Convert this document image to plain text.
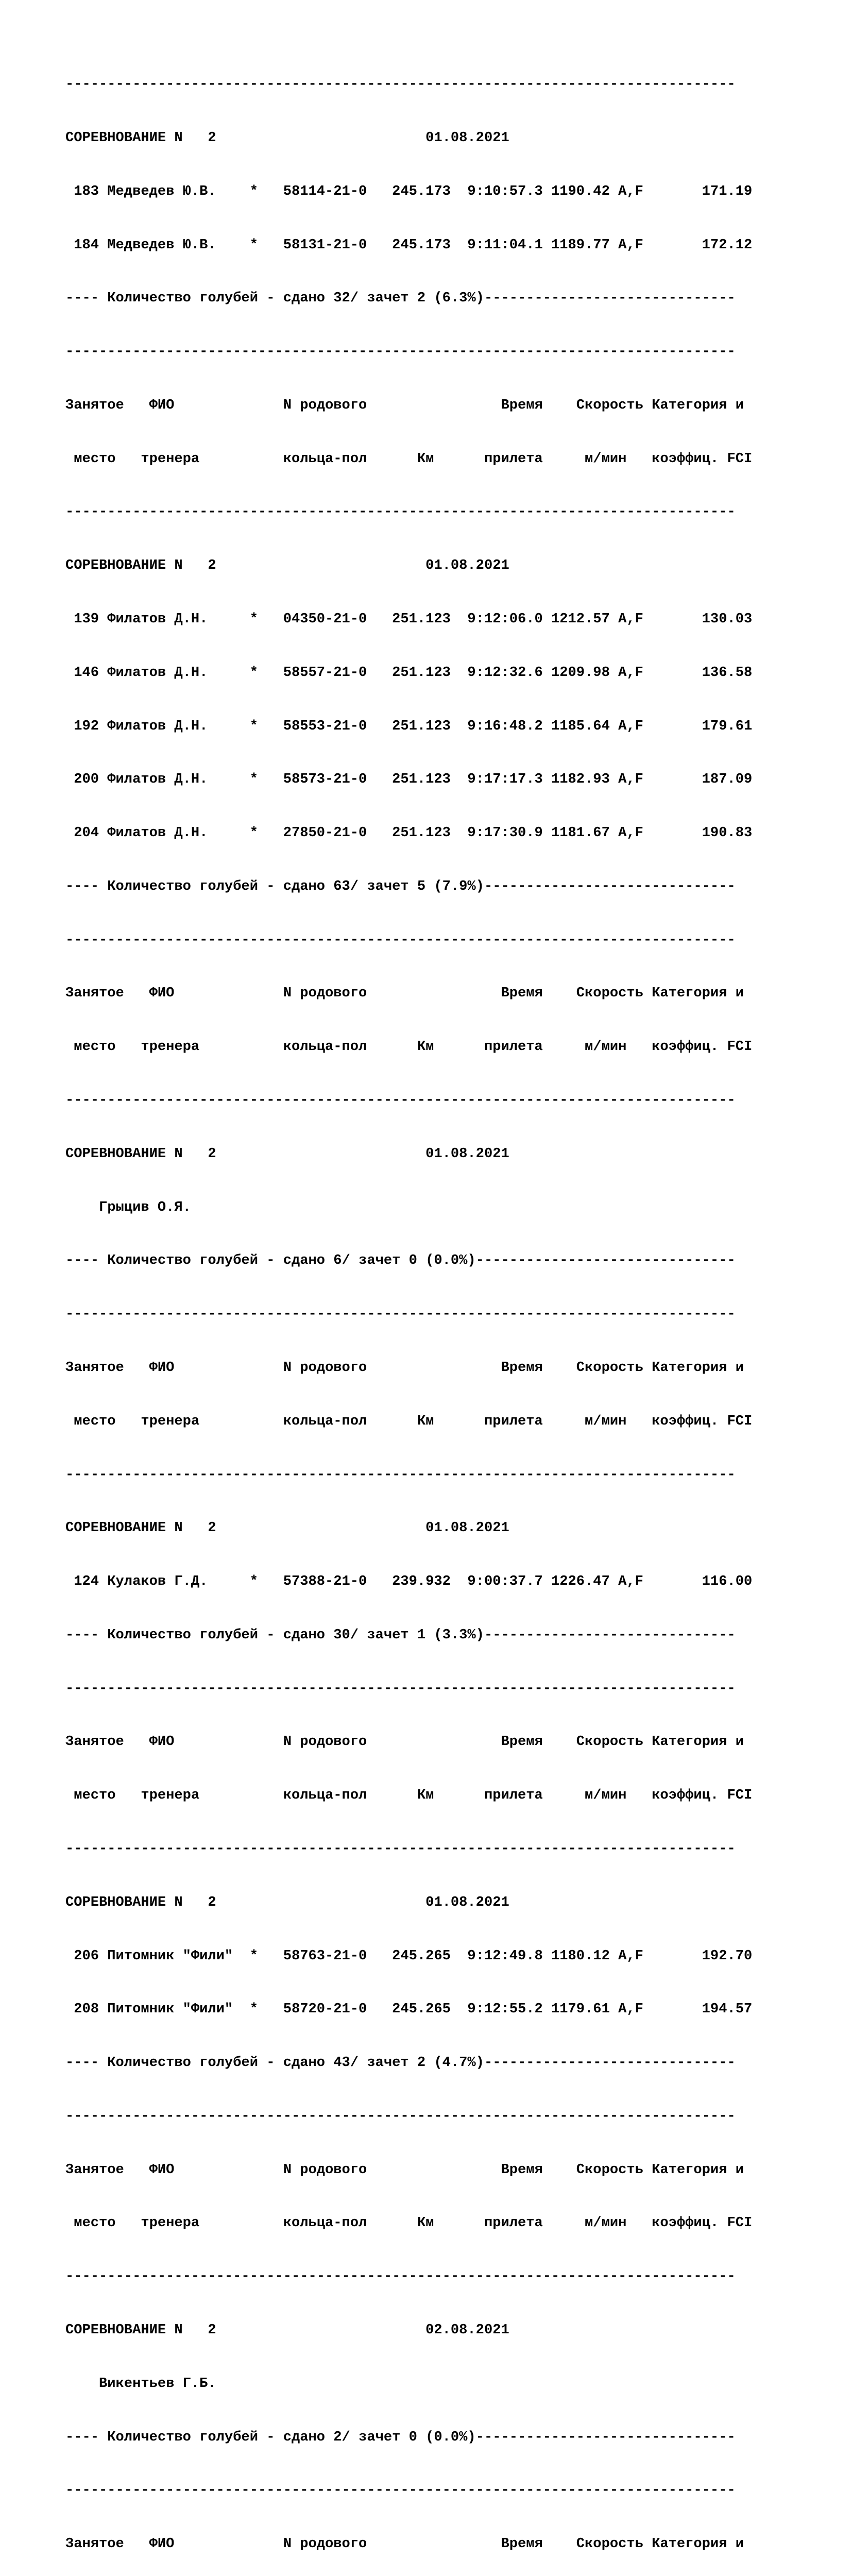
--------------------------------------------------------------------------------

СОРЕВНОВАНИЕ N   2                         01.08.2021

183 Медведев Ю.В.    *   58114-21-0   245.173  9:10:57.3 1190.42 A,F       171.19

184 Медведев Ю.В.    *   58131-21-0   245.173  9:11:04.1 1189.77 A,F       172.12

---- Количество голубей - сдано 32/ зачет 2 (6.3%)------------------------------

--------------------------------------------------------------------------------

Занятое   ФИО             N родового                Время    Скорость Категория и

место   тренера          кольца-пол      Км      прилета     м/мин   коэффиц. FCI

--------------------------------------------------------------------------------

СОРЕВНОВАНИЕ N   2                         01.08.2021

139 Филатов Д.Н.     *   04350-21-0   251.123  9:12:06.0 1212.57 A,F       130.03

146 Филатов Д.Н.     *   58557-21-0   251.123  9:12:32.6 1209.98 A,F       136.58

192 Филатов Д.Н.     *   58553-21-0   251.123  9:16:48.2 1185.64 A,F       179.61

200 Филатов Д.Н.     *   58573-21-0   251.123  9:17:17.3 1182.93 A,F       187.09

204 Филатов Д.Н.     *   27850-21-0   251.123  9:17:30.9 1181.67 A,F       190.83

---- Количество голубей - сдано 63/ зачет 5 (7.9%)------------------------------

--------------------------------------------------------------------------------

Занятое   ФИО             N родового                Время    Скорость Категория и

место   тренера          кольца-пол      Км      прилета     м/мин   коэффиц. FCI

--------------------------------------------------------------------------------

СОРЕВНОВАНИЕ N   2                         01.08.2021

Грыцив О.Я.

---- Количество голубей - сдано 6/ зачет 0 (0.0%)-------------------------------

--------------------------------------------------------------------------------

Занятое   ФИО             N родового                Время    Скорость Категория и

место   тренера          кольца-пол      Км      прилета     м/мин   коэффиц. FCI

--------------------------------------------------------------------------------

СОРЕВНОВАНИЕ N   2                         01.08.2021

124 Кулаков Г.Д.     *   57388-21-0   239.932  9:00:37.7 1226.47 A,F       116.00

---- Количество голубей - сдано 30/ зачет 1 (3.3%)------------------------------

--------------------------------------------------------------------------------

Занятое   ФИО             N родового                Время    Скорость Категория и

место   тренера          кольца-пол      Км      прилета     м/мин   коэффиц. FCI

--------------------------------------------------------------------------------

СОРЕВНОВАНИЕ N   2                         01.08.2021

206 Питомник "Фили"  *   58763-21-0   245.265  9:12:49.8 1180.12 A,F       192.70

208 Питомник "Фили"  *   58720-21-0   245.265  9:12:55.2 1179.61 A,F       194.57

---- Количество голубей - сдано 43/ зачет 2 (4.7%)------------------------------

--------------------------------------------------------------------------------

Занятое   ФИО             N родового                Время    Скорость Категория и

место   тренера          кольца-пол      Км      прилета     м/мин   коэффиц. FCI

--------------------------------------------------------------------------------

СОРЕВНОВАНИЕ N   2                         02.08.2021

Викентьев Г.Б.

---- Количество голубей - сдано 2/ зачет 0 (0.0%)-------------------------------

--------------------------------------------------------------------------------

Занятое   ФИО             N родового                Время    Скорость Категория и
